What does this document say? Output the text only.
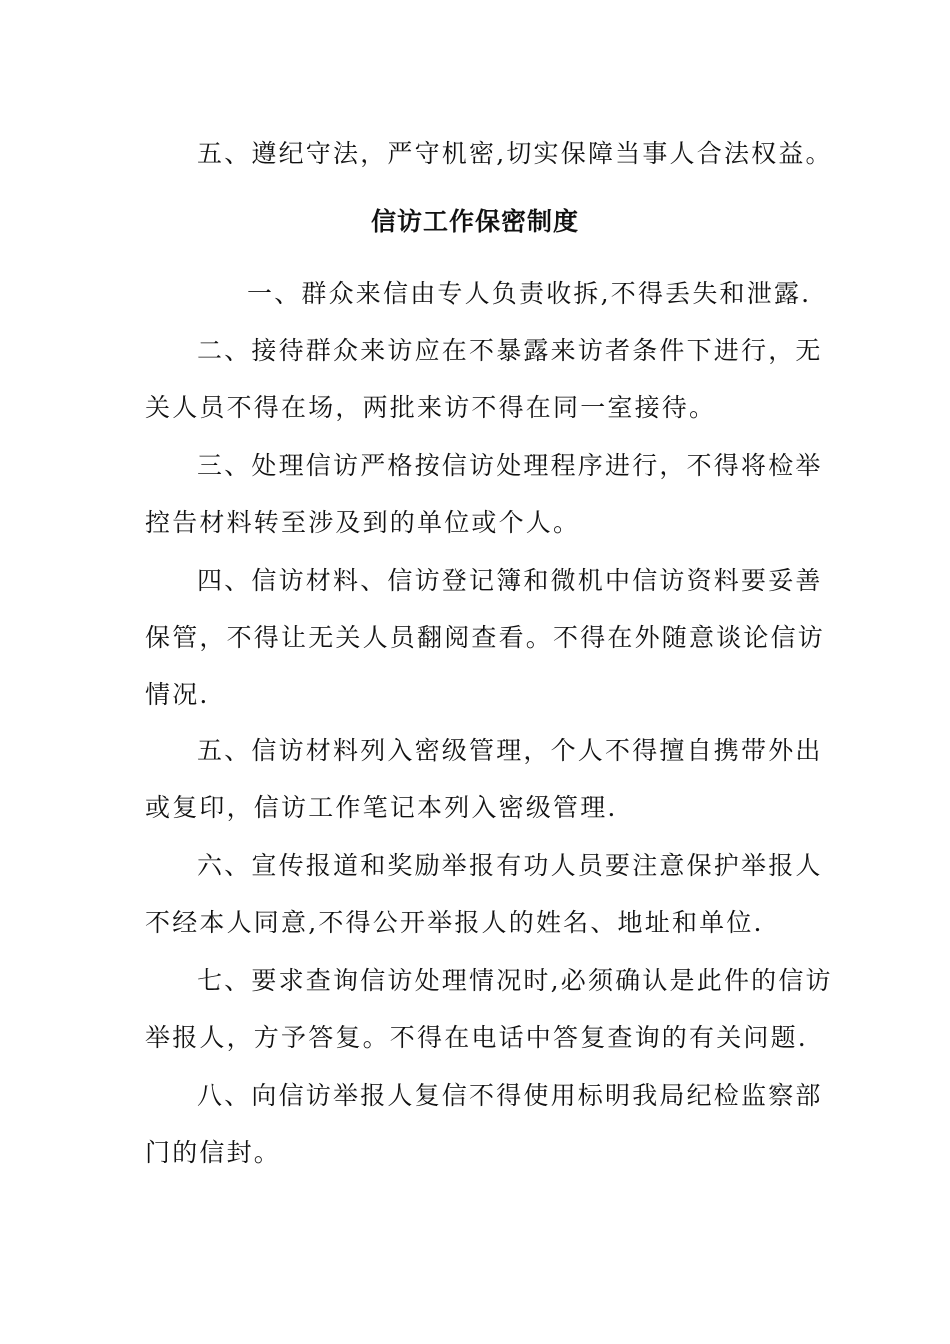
五、遵纪守法，严守机密,切实保障当事人合法权益。
信访工作保密制度
一、群众来信由专人负责收拆,不得丢失和泄露.
二、接待群众来访应在不暴露来访者条件下进行，无
关人员不得在场，两批来访不得在同一室接待。
三、处理信访严格按信访处理程序进行，不得将检举
控告材料转至涉及到的单位或个人。
四、信访材料、信访登记簿和微机中信访资料要妥善
保管，不得让无关人员翻阅查看。不得在外随意谈论信访
情况.
五、信访材料列入密级管理，个人不得擅自携带外出
或复印，信访工作笔记本列入密级管理.
六、宣传报道和奖励举报有功人员要注意保护举报人
不经本人同意,不得公开举报人的姓名、地址和单位.
七、要求查询信访处理情况时,必须确认是此件的信访
举报人，方予答复。不得在电话中答复查询的有关问题.
八、向信访举报人复信不得使用标明我局纪检监察部
门的信封。
